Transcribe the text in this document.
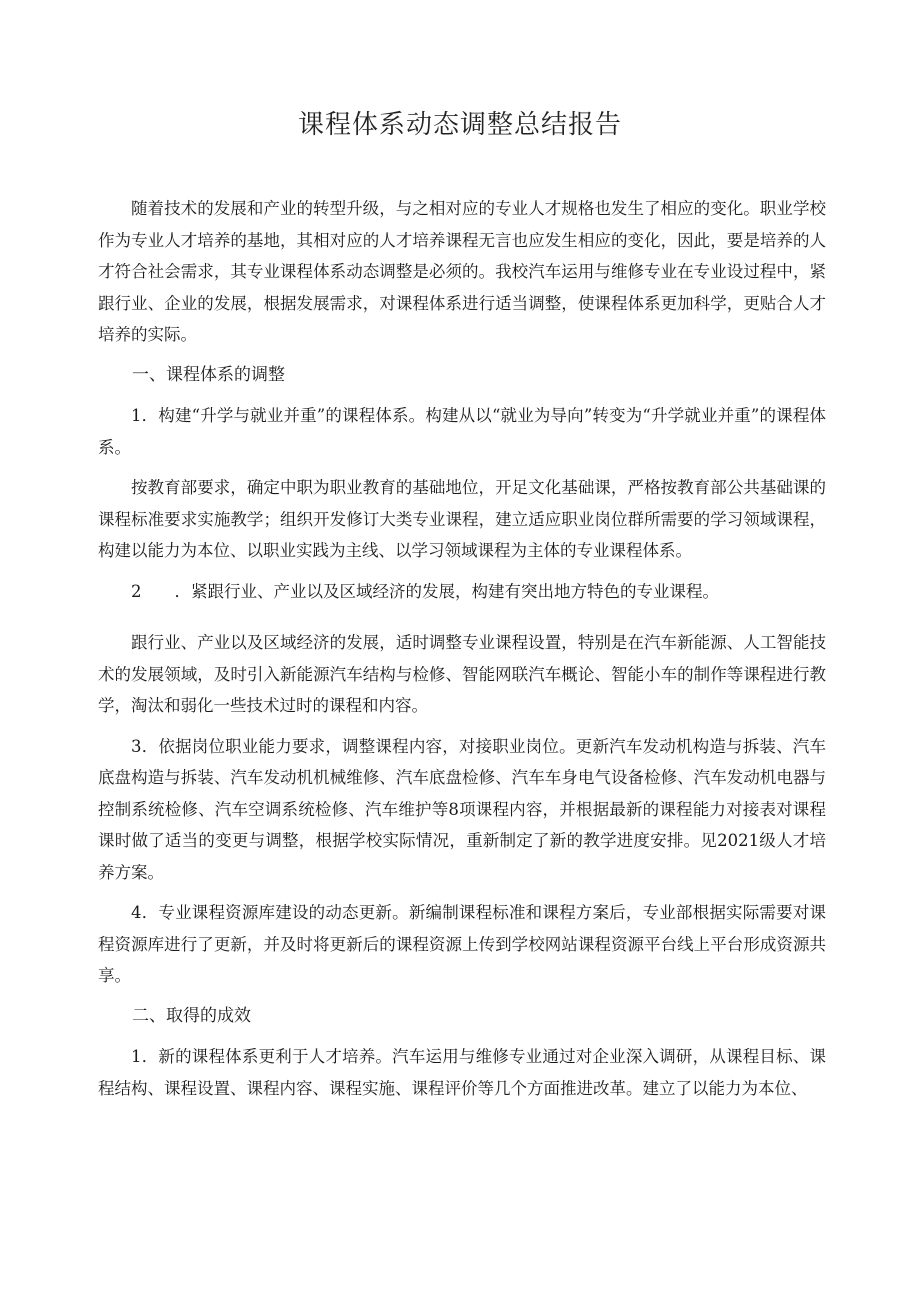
课程体系动态调整总结报告

随着技术的发展和产业的转型升级，与之相对应的专业人才规格也发生了相应的变化。职业学校作为专业人才培养的基地，其相对应的人才培养课程无言也应发生相应的变化，因此，要是培养的人才符合社会需求，其专业课程体系动态调整是必须的。我校汽车运用与维修专业在专业设过程中，紧跟行业、企业的发展，根据发展需求，对课程体系进行适当调整，使课程体系更加科学，更贴合人才培养的实际。

一、课程体系的调整

1．构建“升学与就业并重”的课程体系。构建从以“就业为导向”转变为“升学就业并重”的课程体系。

按教育部要求，确定中职为职业教育的基础地位，开足文化基础课，严格按教育部公共基础课的课程标准要求实施教学；组织开发修订大类专业课程，建立适应职业岗位群所需要的学习领域课程，构建以能力为本位、以职业实践为主线、以学习领域课程为主体的专业课程体系。

2　　．紧跟行业、产业以及区域经济的发展，构建有突出地方特色的专业课程。

跟行业、产业以及区域经济的发展，适时调整专业课程设置，特别是在汽车新能源、人工智能技术的发展领域，及时引入新能源汽车结构与检修、智能网联汽车概论、智能小车的制作等课程进行教学，淘汰和弱化一些技术过时的课程和内容。

3．依据岗位职业能力要求，调整课程内容，对接职业岗位。更新汽车发动机构造与拆装、汽车底盘构造与拆装、汽车发动机机械维修、汽车底盘检修、汽车车身电气设备检修、汽车发动机电器与控制系统检修、汽车空调系统检修、汽车维护等8项课程内容，并根据最新的课程能力对接表对课程课时做了适当的变更与调整，根据学校实际情况，重新制定了新的教学进度安排。见2021级人才培养方案。

4．专业课程资源库建设的动态更新。新编制课程标准和课程方案后，专业部根据实际需要对课程资源库进行了更新，并及时将更新后的课程资源上传到学校网站课程资源平台线上平台形成资源共享。

二、取得的成效

1．新的课程体系更利于人才培养。汽车运用与维修专业通过对企业深入调研，从课程目标、课程结构、课程设置、课程内容、课程实施、课程评价等几个方面推进改革。建立了以能力为本位、
